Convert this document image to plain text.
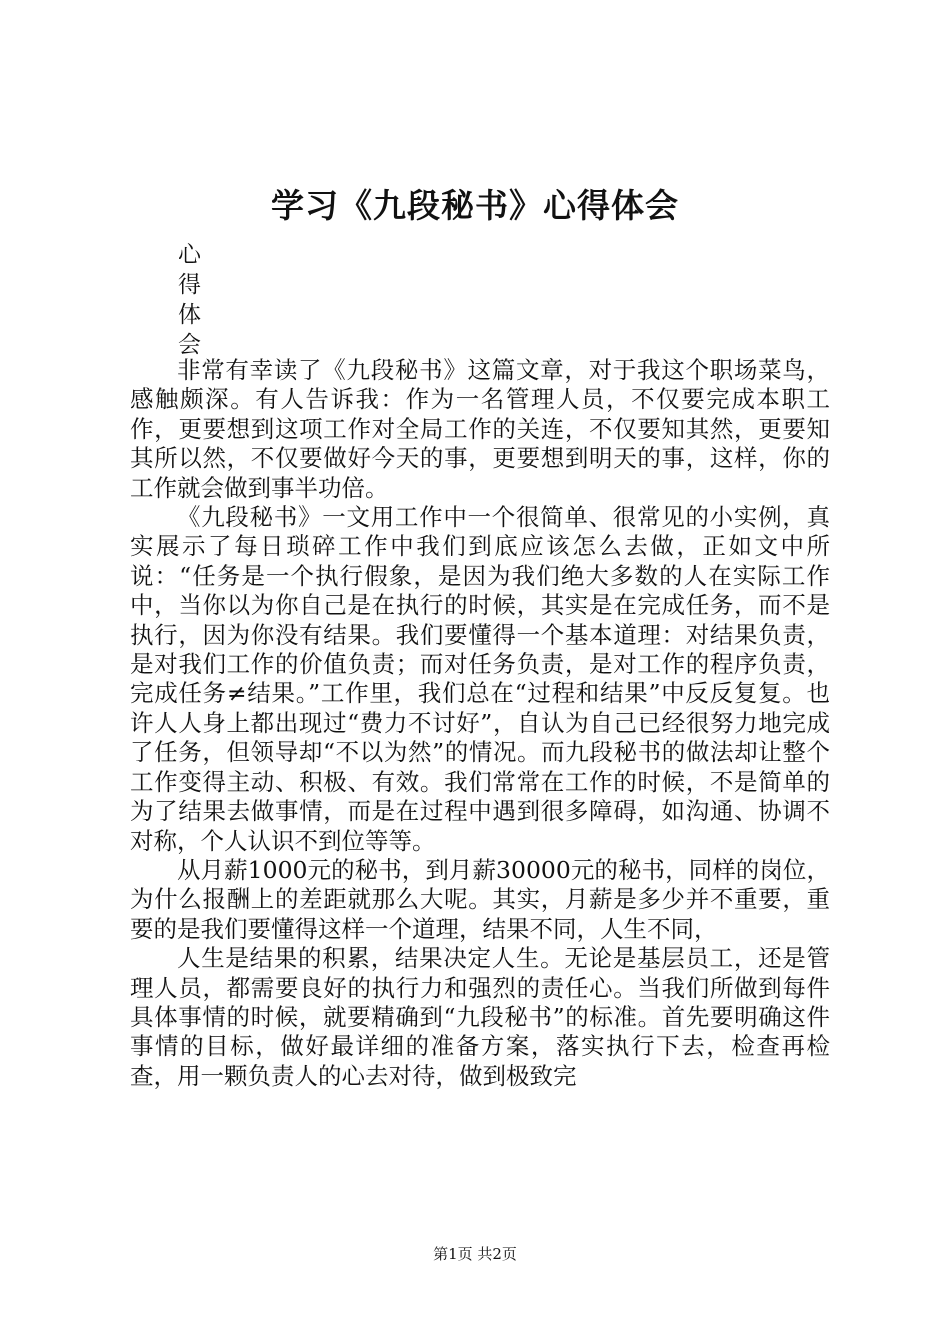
学习《九段秘书》心得体会
心
得
体
会

非常有幸读了《九段秘书》这篇文章，对于我这个职场菜鸟，感触颇深。有人告诉我：作为一名管理人员，不仅要完成本职工作，更要想到这项工作对全局工作的关连，不仅要知其然，更要知其所以然，不仅要做好今天的事，更要想到明天的事，这样，你的工作就会做到事半功倍。

《九段秘书》一文用工作中一个很简单、很常见的小实例，真实展示了每日琐碎工作中我们到底应该怎么去做，正如文中所说：“任务是一个执行假象，是因为我们绝大多数的人在实际工作中，当你以为你自己是在执行的时候，其实是在完成任务，而不是执行，因为你没有结果。我们要懂得一个基本道理：对结果负责，是对我们工作的价值负责；而对任务负责，是对工作的程序负责，完成任务≠结果。”工作里，我们总在“过程和结果”中反反复复。也许人人身上都出现过“费力不讨好”，自认为自己已经很努力地完成了任务，但领导却“不以为然”的情况。而九段秘书的做法却让整个工作变得主动、积极、有效。我们常常在工作的时候，不是简单的为了结果去做事情，而是在过程中遇到很多障碍，如沟通、协调不对称，个人认识不到位等等。

从月薪1000元的秘书，到月薪30000元的秘书，同样的岗位，为什么报酬上的差距就那么大呢。其实，月薪是多少并不重要，重要的是我们要懂得这样一个道理，结果不同，人生不同，

人生是结果的积累，结果决定人生。无论是基层员工，还是管理人员，都需要良好的执行力和强烈的责任心。当我们所做到每件具体事情的时候，就要精确到“九段秘书”的标准。首先要明确这件事情的目标，做好最详细的准备方案，落实执行下去，检查再检查，用一颗负责人的心去对待，做到极致完

第1页 共2页
